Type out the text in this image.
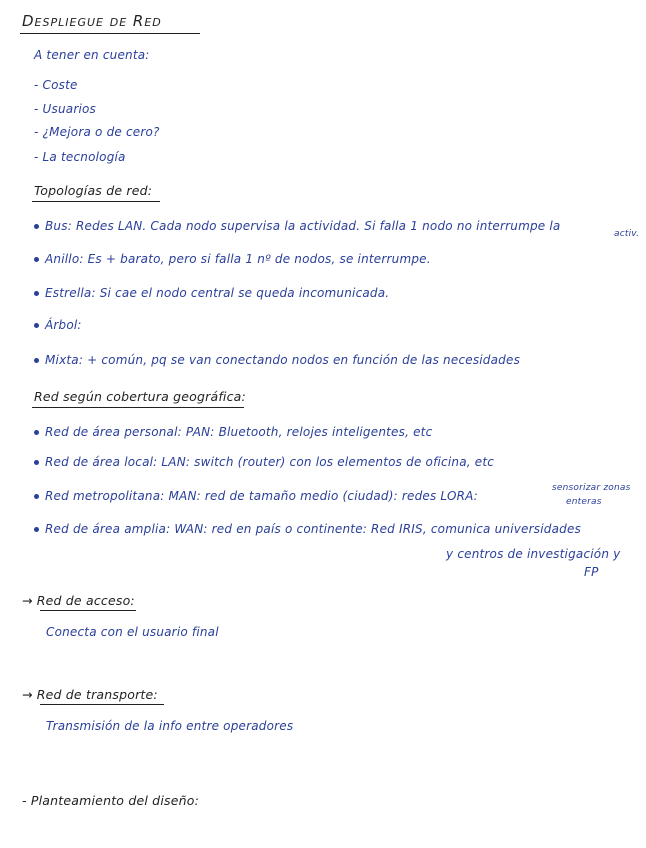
Despliegue de Red
A tener en cuenta:
- Coste
- Usuarios
- ¿Mejora o de cero?
- La tecnología
Topologías de red:
Bus: Redes LAN. Cada nodo supervisa la actividad. Si falla 1 nodo no interrumpe la
activ.
Anillo: Es + barato, pero si falla 1 nº de nodos, se interrumpe.
Estrella: Si cae el nodo central se queda incomunicada.
Árbol:
Mixta: + común, pq se van conectando nodos en función de las necesidades
Red según cobertura geográfica:
Red de área personal: PAN: Bluetooth, relojes inteligentes, etc
Red de área local: LAN: switch (router) con los elementos de oficina, etc
Red metropolitana: MAN: red de tamaño medio (ciudad): redes LORA:
sensorizar zonas
enteras
Red de área amplia: WAN: red en país o continente: Red IRIS, comunica universidades
y centros de investigación y
FP
→ Red de acceso:
Conecta con el usuario final
→ Red de transporte:
Transmisión de la info entre operadores
- Planteamiento del diseño:
